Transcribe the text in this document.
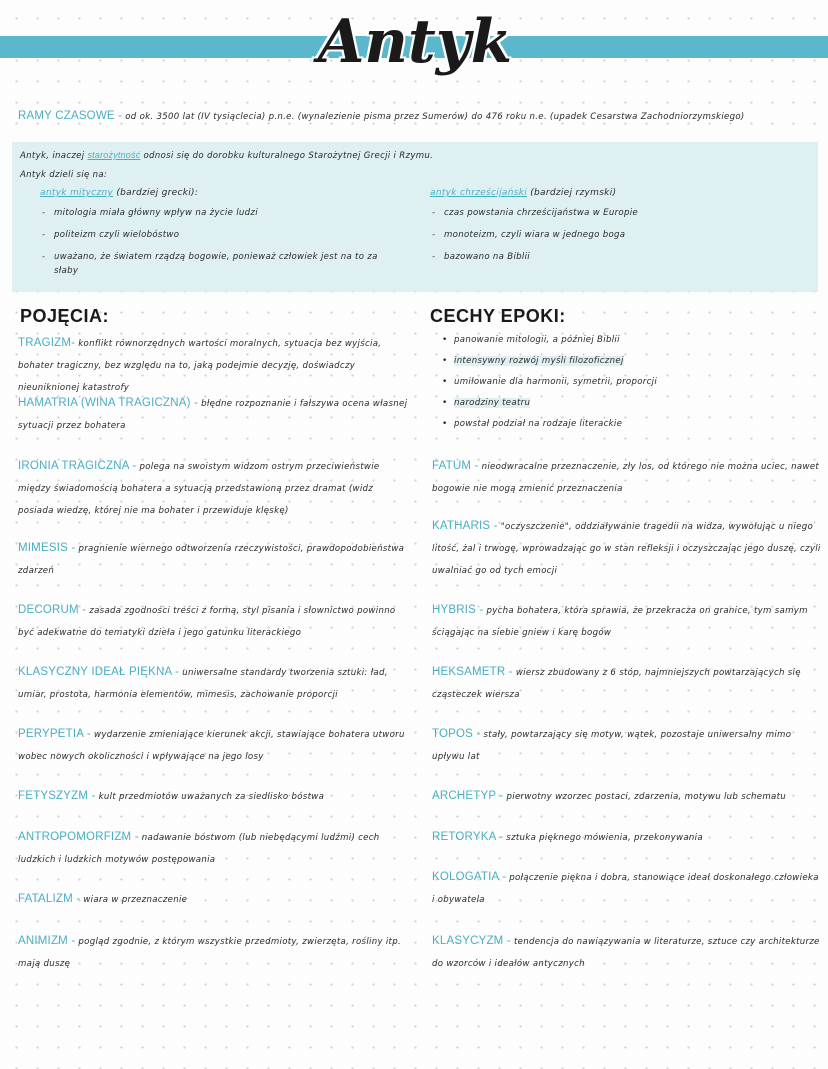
Antyk
RAMY CZASOWE - od ok. 3500 lat (IV tysiąclecia) p.n.e. (wynalezienie pisma przez Sumerów) do 476 roku n.e. (upadek Cesarstwa Zachodniorzymskiego)
Antyk, inaczej starożytność odnosi się do dorobku kulturalnego Starożytnej Grecji i Rzymu.
Antyk dzieli się na:
antyk mityczny (bardziej grecki):
- mitologia miała główny wpływ na życie ludzi
- politeizm czyli wielobóstwo
- uważano, że światem rządzą bogowie, ponieważ człowiek jest na to za słaby
antyk chrześcijański (bardziej rzymski)
- czas powstania chrześcijaństwa w Europie
- monoteizm, czyli wiara w jednego boga
- bazowano na Biblii
POJĘCIA:	CECHY EPOKI:
• panowanie mitologii, a później Biblii
• intensywny rozwój myśli filozoficznej
• umiłowanie dla harmonii, symetrii, proporcji
• narodziny teatru
• powstał podział na rodzaje literackie
TRAGIZM- konflikt równorzędnych wartości moralnych, sytuacja bez wyjścia, bohater tragiczny, bez względu na to, jaką podejmie decyzję, doświadczy nieuniknionej katastrofy
HAMATRIA (WINA TRAGICZNA) - błędne rozpoznanie i fałszywa ocena własnej sytuacji przez bohatera
IRONIA TRAGICZNA - polega na swoistym widzom ostrym przeciwieństwie między świadomością bohatera a sytuacją przedstawioną przez dramat (widz posiada wiedzę, której nie ma bohater i przewiduje klęskę)
MIMESIS - pragnienie wiernego odtworzenia rzeczywistości, prawdopodobieństwa zdarzeń
DECORUM - zasada zgodności treści z formą, styl pisania i słownictwo powinno być adekwatne do tematyki dzieła i jego gatunku literackiego
KLASYCZNY IDEAŁ PIĘKNA - uniwersalne standardy tworzenia sztuki: ład, umiar, prostota, harmonia elementów, mimesis, zachowanie proporcji
PERYPETIA - wydarzenie zmieniające kierunek akcji, stawiające bohatera utworu wobec nowych okoliczności i wpływające na jego losy
FETYSZYZM - kult przedmiotów uważanych za siedlisko bóstwa
ANTROPOMORFIZM - nadawanie bóstwom (lub niebędącymi ludźmi) cech ludzkich i ludzkich motywów postępowania
FATALIZM - wiara w przeznaczenie
ANIMIZM - pogląd zgodnie, z którym wszystkie przedmioty, zwierzęta, rośliny itp. mają duszę
FATUM - nieodwracalne przeznaczenie, zły los, od którego nie można uciec, nawet bogowie nie mogą zmienić przeznaczenia
KATHARIS - "oczyszczenie", oddziaływanie tragedii na widza, wywołując u niego litość, żal i trwogę, wprowadzając go w stan refleksji i oczyszczając jego duszę, czyli uwalniać go od tych emocji
HYBRIS - pycha bohatera, która sprawia, że przekracza on granice, tym samym ściągając na siebie gniew i karę bogów
HEKSAMETR - wiersz zbudowany z 6 stóp, najmniejszych powtarzających się cząsteczek wiersza
TOPOS - stały, powtarzający się motyw, wątek, pozostaje uniwersalny mimo upływu lat
ARCHETYP - pierwotny wzorzec postaci, zdarzenia, motywu lub schematu
RETORYKA - sztuka pięknego mówienia, przekonywania
KOLOGATIA - połączenie piękna i dobra, stanowiące ideał doskonałego człowieka i obywatela
KLASYCYZM - tendencja do nawiązywania w literaturze, sztuce czy architekturze do wzorców i ideałów antycznych
